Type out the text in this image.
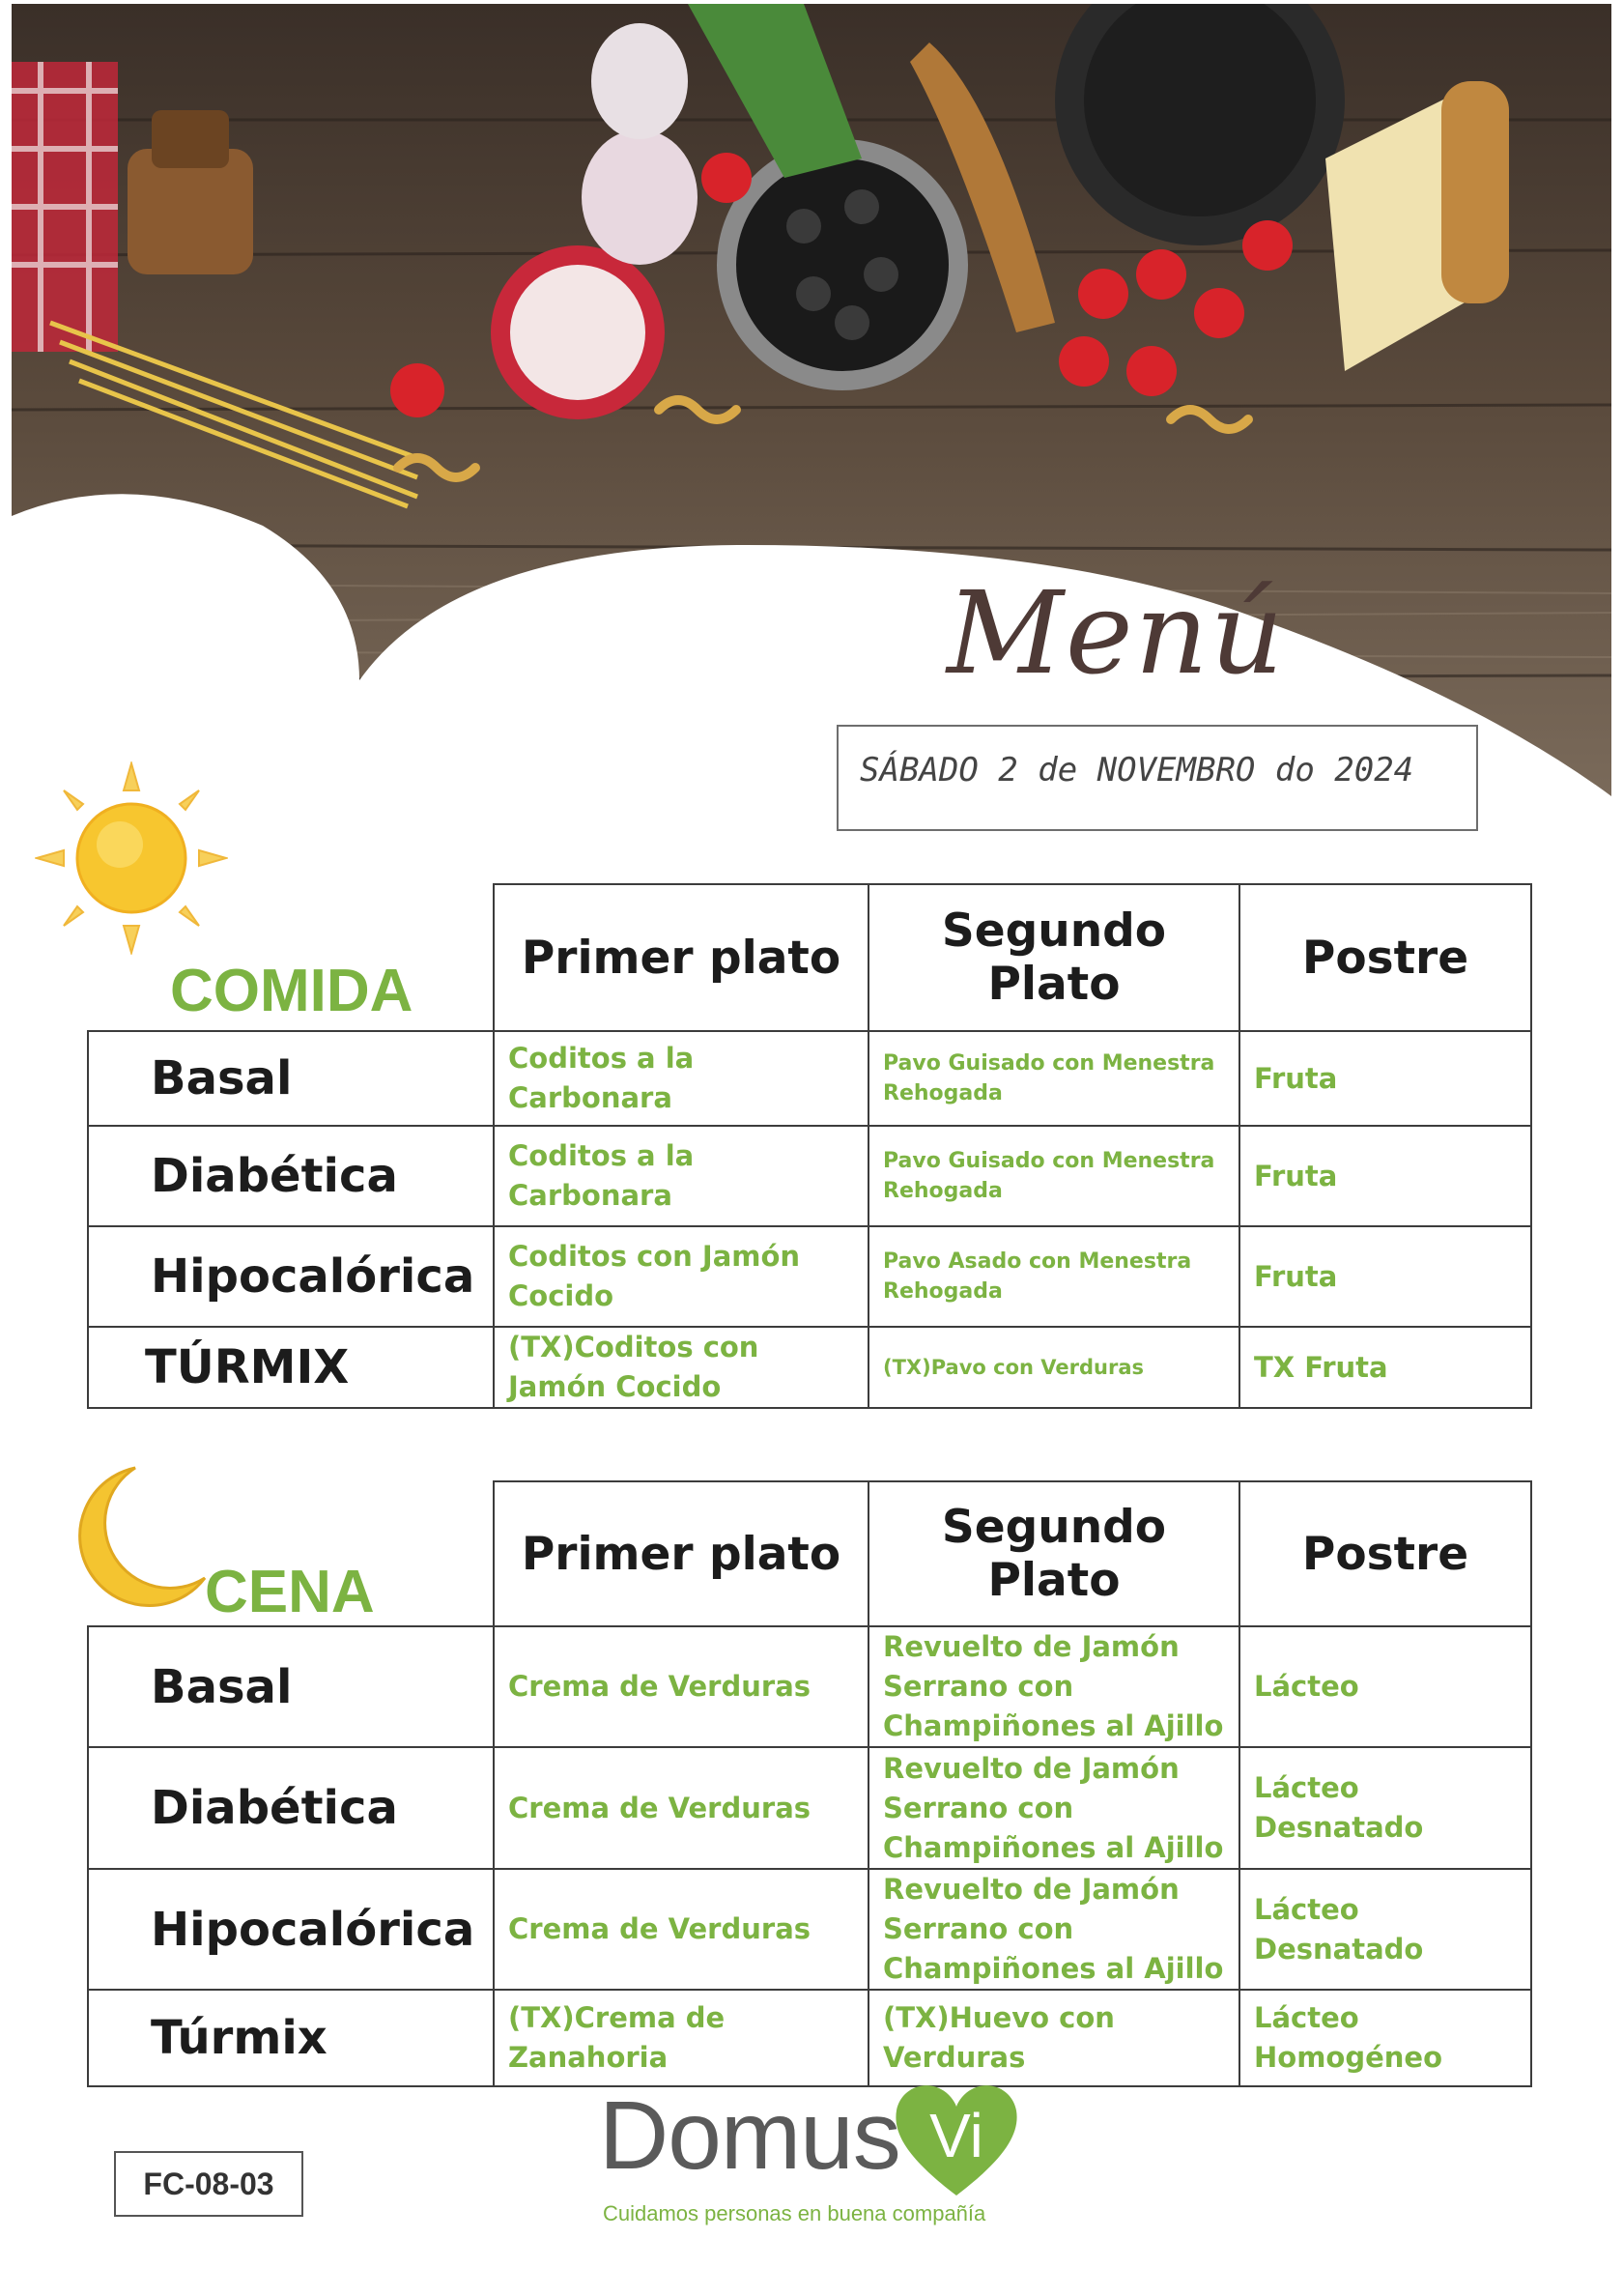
Menú
SÁBADO 2 de NOVEMBRO do 2024
COMIDA
	Primer plato	Segundo Plato	Postre
Basal	Coditos a la Carbonara	Pavo Guisado con Menestra Rehogada	Fruta
Diabética	Coditos a la Carbonara	Pavo Guisado con Menestra Rehogada	Fruta
Hipocalórica	Coditos con Jamón Cocido	Pavo Asado con Menestra Rehogada	Fruta
TÚRMIX	(TX)Coditos con Jamón Cocido	(TX)Pavo con Verduras	TX Fruta
CENA
	Primer plato	Segundo Plato	Postre
Basal	Crema de Verduras	Revuelto de Jamón Serrano con Champiñones al Ajillo	Lácteo
Diabética	Crema de Verduras	Revuelto de Jamón Serrano con Champiñones al Ajillo	Lácteo Desnatado
Hipocalórica	Crema de Verduras	Revuelto de Jamón Serrano con Champiñones al Ajillo	Lácteo Desnatado
Túrmix	(TX)Crema de Zanahoria	(TX)Huevo con Verduras	Lácteo Homogéneo
Domus Vi
Cuidamos personas en buena compañía
FC-08-03
